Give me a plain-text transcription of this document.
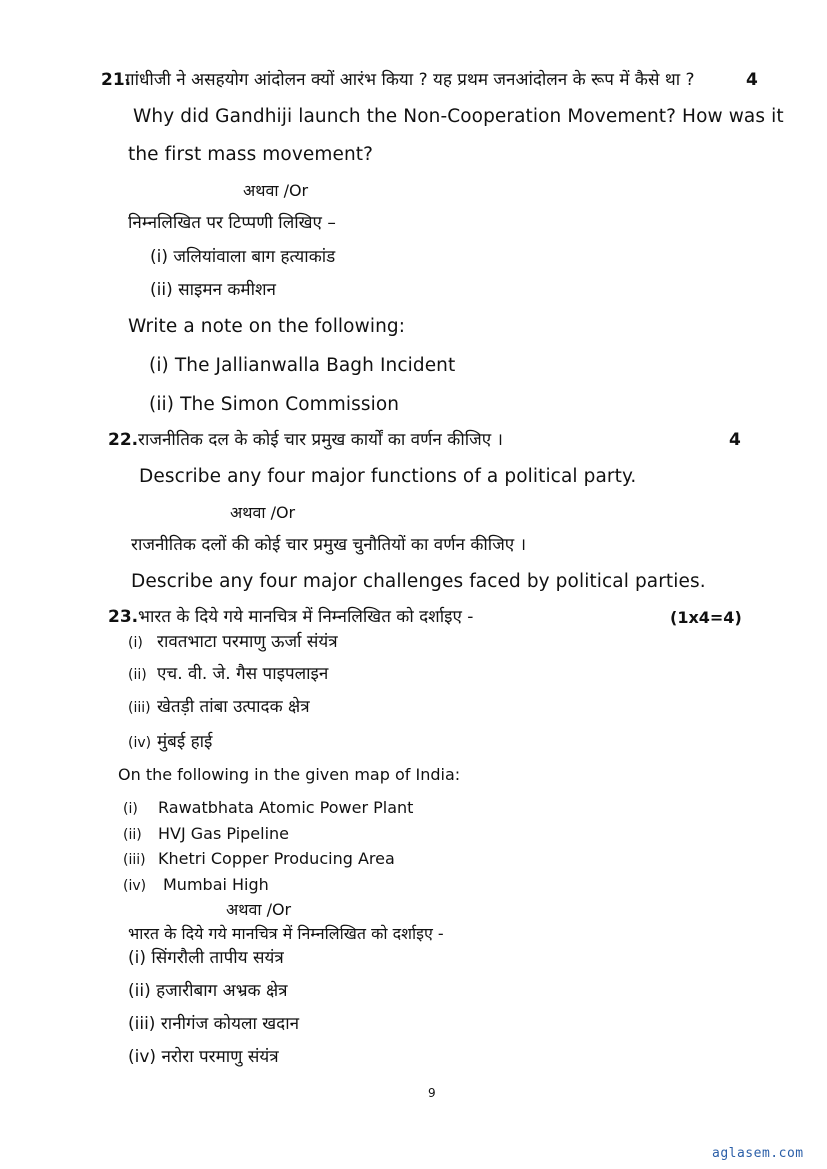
21.
गांधीजी ने असहयोग आंदोलन क्यों आरंभ किया ? यह प्रथम जनआंदोलन के रूप में कैसे था ?	4
Why did Gandhiji launch the Non-Cooperation Movement? How was it
the first mass movement?
अथवा /Or
निम्नलिखित पर टिप्पणी लिखिए –
(i) जलियांवाला बाग हत्याकांड
(ii) साइमन कमीशन
Write a note on the following:
(i) The Jallianwalla Bagh Incident
(ii) The Simon Commission
22. राजनीतिक दल के कोई चार प्रमुख कार्यों का वर्णन कीजिए ।	4
Describe any four major functions of a political party.
अथवा /Or
राजनीतिक दलों की कोई चार प्रमुख चुनौतियों का वर्णन कीजिए ।
Describe any four major challenges faced by political parties.
23. भारत के दिये गये मानचित्र में निम्नलिखित को दर्शाइए -	(1x4=4)
(i) रावतभाटा परमाणु ऊर्जा संयंत्र
(ii) एच. वी. जे. गैस पाइपलाइन
(iii) खेतड़ी तांबा उत्पादक क्षेत्र
(iv) मुंबई हाई
On the following in the given map of India:
(i) Rawatbhata Atomic Power Plant
(ii) HVJ Gas Pipeline
(iii) Khetri Copper Producing Area
(iv) Mumbai High
अथवा /Or
भारत के दिये गये मानचित्र में निम्नलिखित को दर्शाइए -
(i) सिंगरौली तापीय सयंत्र
(ii) हजारीबाग अभ्रक क्षेत्र
(iii) रानीगंज कोयला खदान
(iv) नरोरा परमाणु संयंत्र
9
aglasem.com
